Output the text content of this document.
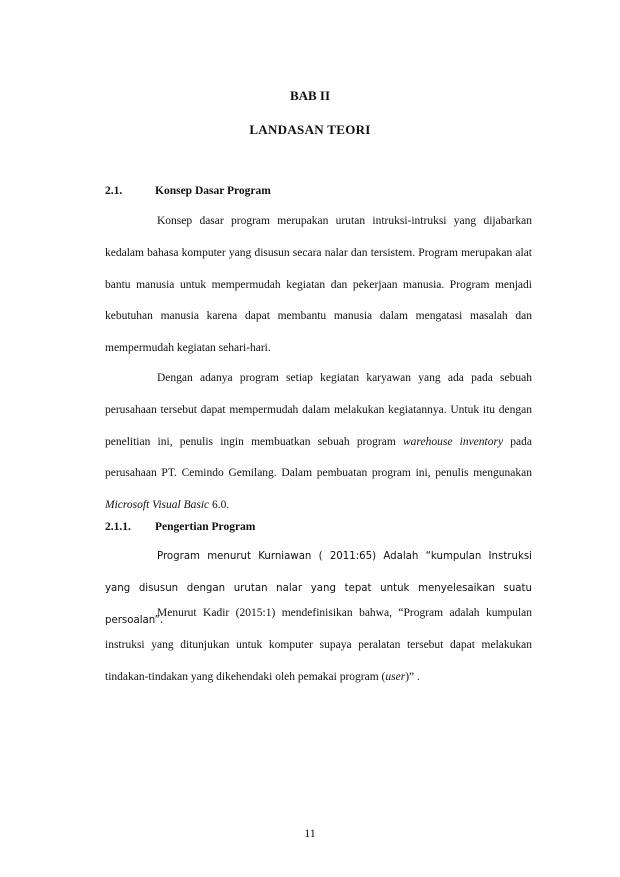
BAB II
LANDASAN TEORI
2.1.	Konsep Dasar Program

Konsep dasar program merupakan urutan intruksi-intruksi yang dijabarkan kedalam bahasa komputer yang disusun secara nalar dan tersistem. Program merupakan alat bantu manusia untuk mempermudah kegiatan dan pekerjaan manusia. Program menjadi kebutuhan manusia karena dapat membantu manusia dalam mengatasi masalah dan mempermudah kegiatan sehari-hari.

Dengan adanya program setiap kegiatan karyawan yang ada pada sebuah perusahaan tersebut dapat mempermudah dalam melakukan kegiatannya. Untuk itu dengan penelitian ini, penulis ingin membuatkan sebuah program warehouse inventory pada perusahaan PT. Cemindo Gemilang. Dalam pembuatan program ini, penulis mengunakan Microsoft Visual Basic 6.0.

2.1.1. Pengertian Program

Program menurut Kurniawan ( 2011:65) Adalah “kumpulan Instruksi yang disusun dengan urutan nalar yang tepat untuk menyelesaikan suatu persoalan”.

Menurut Kadir (2015:1) mendefinisikan bahwa, “Program adalah kumpulan instruksi yang ditunjukan untuk komputer supaya peralatan tersebut dapat melakukan tindakan-tindakan yang dikehendaki oleh pemakai program (user)” .

11
